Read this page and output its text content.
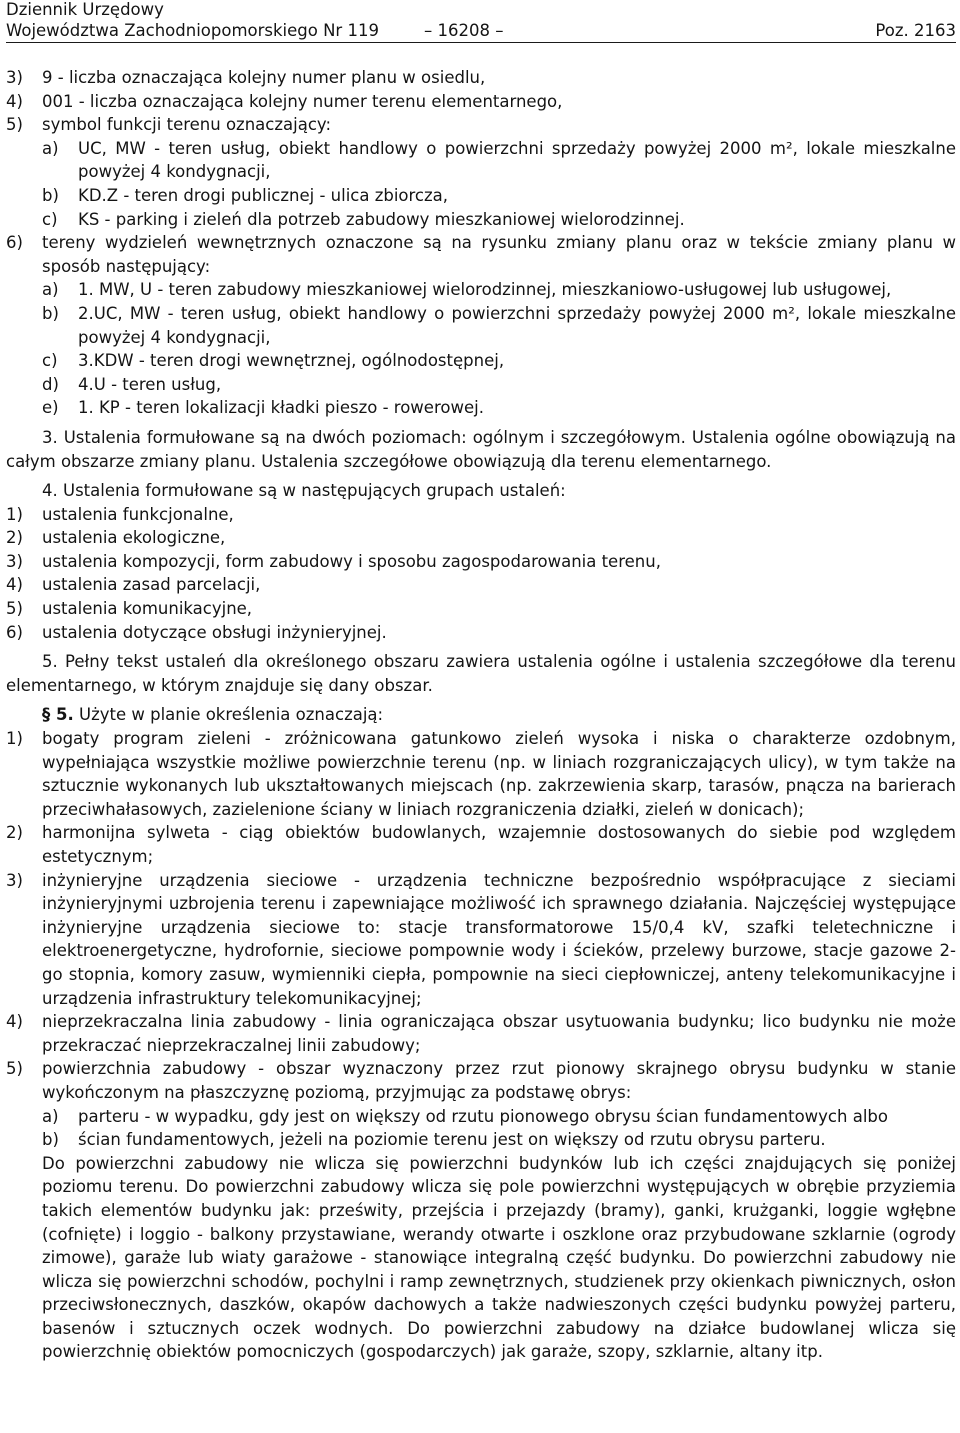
Dziennik Urzędowy
Województwa Zachodniopomorskiego Nr 119	– 16208 –	Poz. 2163
3) 9 - liczba oznaczająca kolejny numer planu w osiedlu,
4) 001 - liczba oznaczająca kolejny numer terenu elementarnego,
5) symbol funkcji terenu oznaczający:
a) UC, MW - teren usług, obiekt handlowy o powierzchni sprzedaży powyżej 2000 m², lokale mieszkalne powyżej 4 kondygnacji,
b) KD.Z - teren drogi publicznej - ulica zbiorcza,
c) KS - parking i zieleń dla potrzeb zabudowy mieszkaniowej wielorodzinnej.
6) tereny wydzieleń wewnętrznych oznaczone są na rysunku zmiany planu oraz w tekście zmiany planu w sposób następujący:
a) 1. MW, U - teren zabudowy mieszkaniowej wielorodzinnej, mieszkaniowo-usługowej lub usługowej,
b) 2.UC, MW - teren usług, obiekt handlowy o powierzchni sprzedaży powyżej 2000 m², lokale mieszkalne powyżej 4 kondygnacji,
c) 3.KDW - teren drogi wewnętrznej, ogólnodostępnej,
d) 4.U - teren usług,
e) 1. KP - teren lokalizacji kładki pieszo - rowerowej.
3. Ustalenia formułowane są na dwóch poziomach: ogólnym i szczegółowym. Ustalenia ogólne obowiązują na całym obszarze zmiany planu. Ustalenia szczegółowe obowiązują dla terenu elementarnego.
4. Ustalenia formułowane są w następujących grupach ustaleń:
1) ustalenia funkcjonalne,
2) ustalenia ekologiczne,
3) ustalenia kompozycji, form zabudowy i sposobu zagospodarowania terenu,
4) ustalenia zasad parcelacji,
5) ustalenia komunikacyjne,
6) ustalenia dotyczące obsługi inżynieryjnej.
5. Pełny tekst ustaleń dla określonego obszaru zawiera ustalenia ogólne i ustalenia szczegółowe dla terenu elementarnego, w którym znajduje się dany obszar.
§ 5. Użyte w planie określenia oznaczają:
1) bogaty program zieleni - zróżnicowana gatunkowo zieleń wysoka i niska o charakterze ozdobnym, wypełniająca wszystkie możliwe powierzchnie terenu (np. w liniach rozgraniczających ulicy), w tym także na sztucznie wykonanych lub ukształtowanych miejscach (np. zakrzewienia skarp, tarasów, pnącza na barierach przeciwhałasowych, zazielenione ściany w liniach rozgraniczenia działki, zieleń w donicach);
2) harmonijna sylweta - ciąg obiektów budowlanych, wzajemnie dostosowanych do siebie pod względem estetycznym;
3) inżynieryjne urządzenia sieciowe - urządzenia techniczne bezpośrednio współpracujące z sieciami inżynieryjnymi uzbrojenia terenu i zapewniające możliwość ich sprawnego działania. Najczęściej występujące inżynieryjne urządzenia sieciowe to: stacje transformatorowe 15/0,4 kV, szafki teletechniczne i elektroenergetyczne, hydrofornie, sieciowe pompownie wody i ścieków, przelewy burzowe, stacje gazowe 2-go stopnia, komory zasuw, wymienniki ciepła, pompownie na sieci ciepłowniczej, anteny telekomunikacyjne i urządzenia infrastruktury telekomunikacyjnej;
4) nieprzekraczalna linia zabudowy - linia ograniczająca obszar usytuowania budynku; lico budynku nie może przekraczać nieprzekraczalnej linii zabudowy;
5) powierzchnia zabudowy - obszar wyznaczony przez rzut pionowy skrajnego obrysu budynku w stanie wykończonym na płaszczyznę poziomą, przyjmując za podstawę obrys:
a) parteru - w wypadku, gdy jest on większy od rzutu pionowego obrysu ścian fundamentowych albo
b) ścian fundamentowych, jeżeli na poziomie terenu jest on większy od rzutu obrysu parteru.
Do powierzchni zabudowy nie wlicza się powierzchni budynków lub ich części znajdujących się poniżej poziomu terenu. Do powierzchni zabudowy wlicza się pole powierzchni występujących w obrębie przyziemia takich elementów budynku jak: prześwity, przejścia i przejazdy (bramy), ganki, krużganki, loggie wgłębne (cofnięte) i loggio - balkony przystawiane, werandy otwarte i oszklone oraz przybudowane szklarnie (ogrody zimowe), garaże lub wiaty garażowe - stanowiące integralną część budynku. Do powierzchni zabudowy nie wlicza się powierzchni schodów, pochylni i ramp zewnętrznych, studzienek przy okienkach piwnicznych, osłon przeciwsłonecznych, daszków, okapów dachowych a także nadwieszonych części budynku powyżej parteru, basenów i sztucznych oczek wodnych. Do powierzchni zabudowy na działce budowlanej wlicza się powierzchnię obiektów pomocniczych (gospodarczych) jak garaże, szopy, szklarnie, altany itp.
